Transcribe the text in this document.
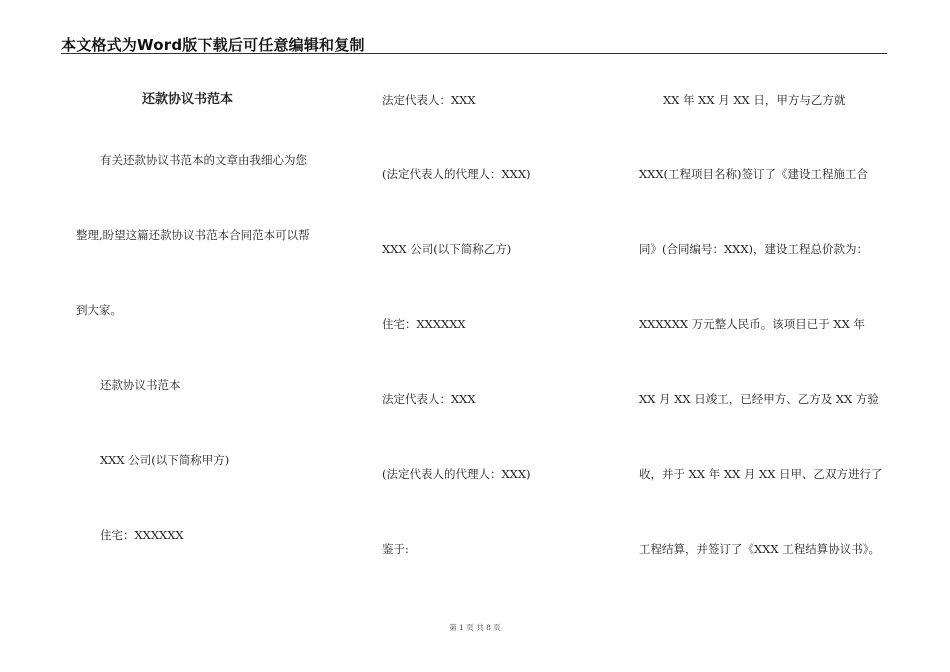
本文格式为Word版下载后可任意编辑和复制
还款协议书范本
有关还款协议书范本的文章由我细心为您
整理,盼望这篇还款协议书范本合同范本可以帮
到大家。
还款协议书范本
XXX 公司(以下简称甲方)
住宅：XXXXXX
法定代表人：XXX
(法定代表人的代理人：XXX)
XXX 公司(以下简称乙方)
住宅：XXXXXX
法定代表人：XXX
(法定代表人的代理人：XXX)
鉴于:
XX 年 XX 月 XX 日，甲方与乙方就
XXX(工程项目名称)签订了《建设工程施工合
同》(合同编号：XXX)，建设工程总价款为：
XXXXXX 万元整人民币。该项目已于 XX 年
XX 月 XX 日竣工，已经甲方、乙方及 XX 方验
收，并于 XX 年 XX 月 XX 日甲、乙双方进行了
工程结算，并签订了《XXX 工程结算协议书》。
第 1 页 共 8 页
